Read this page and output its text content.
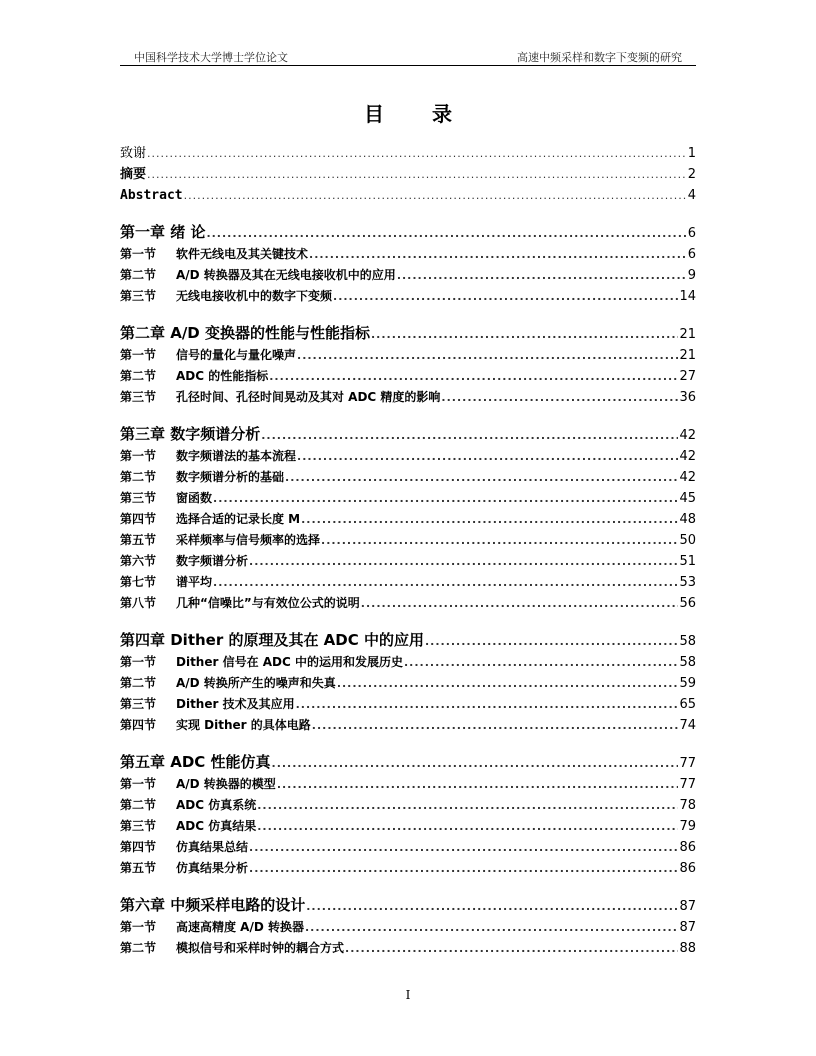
中国科学技术大学博士学位论文	高速中频采样和数字下变频的研究
目 录
致谢 .....	1
摘要 .....	2
Abstract .....	4
第一章 绪 论 .....	6
第一节 软件无线电及其关键技术 .....	6
第二节 A/D 转换器及其在无线电接收机中的应用 .....	9
第三节 无线电接收机中的数字下变频 .....	14
第二章 A/D 变换器的性能与性能指标 .....	21
第一节 信号的量化与量化噪声 .....	21
第二节 ADC 的性能指标 .....	27
第三节 孔径时间、孔径时间晃动及其对 ADC 精度的影响 .....	36
第三章 数字频谱分析 .....	42
第一节 数字频谱法的基本流程 .....	42
第二节 数字频谱分析的基础 .....	42
第三节 窗函数 .....	45
第四节 选择合适的记录长度 M .....	48
第五节 采样频率与信号频率的选择 .....	50
第六节 数字频谱分析 .....	51
第七节 谱平均 .....	53
第八节 几种“信噪比”与有效位公式的说明 .....	56
第四章 Dither 的原理及其在 ADC 中的应用 .....	58
第一节 Dither 信号在 ADC 中的运用和发展历史 .....	58
第二节 A/D 转换所产生的噪声和失真 .....	59
第三节 Dither 技术及其应用 .....	65
第四节 实现 Dither 的具体电路 .....	74
第五章 ADC 性能仿真 .....	77
第一节 A/D 转换器的模型 .....	77
第二节 ADC 仿真系统 .....	78
第三节 ADC 仿真结果 .....	79
第四节 仿真结果总结 .....	86
第五节 仿真结果分析 .....	86
第六章 中频采样电路的设计 .....	87
第一节 高速高精度 A/D 转换器 .....	87
第二节 模拟信号和采样时钟的耦合方式 .....	88
I
